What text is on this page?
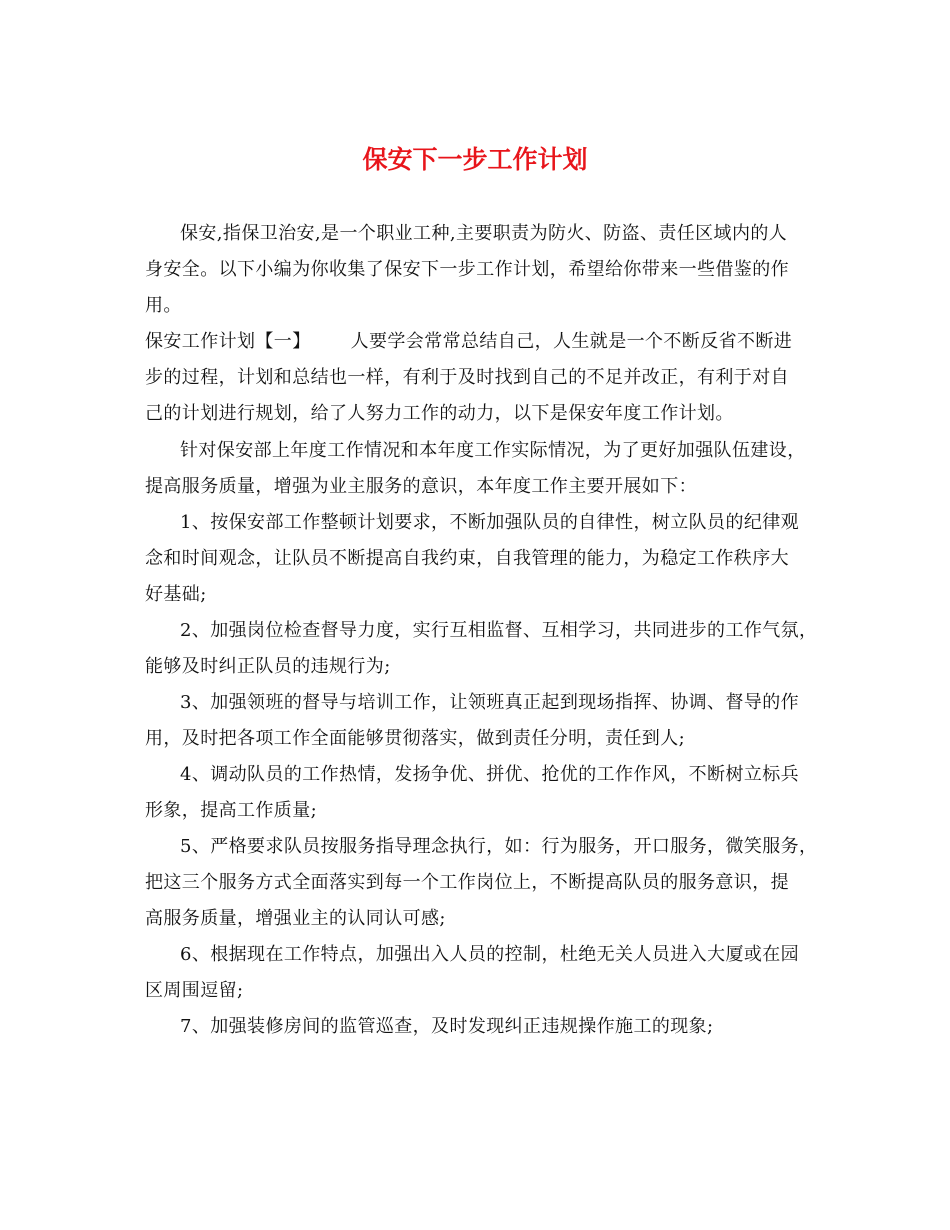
保安下一步工作计划
保安,指保卫治安,是一个职业工种,主要职责为防火、防盗、责任区域内的人
身安全。以下小编为你收集了保安下一步工作计划，希望给你带来一些借鉴的作
用。
保安工作计划【一】 人要学会常常总结自己，人生就是一个不断反省不断进
步的过程，计划和总结也一样，有利于及时找到自己的不足并改正，有利于对自
己的计划进行规划，给了人努力工作的动力，以下是保安年度工作计划。
针对保安部上年度工作情况和本年度工作实际情况，为了更好加强队伍建设，
提高服务质量，增强为业主服务的意识，本年度工作主要开展如下：
1、按保安部工作整顿计划要求，不断加强队员的自律性，树立队员的纪律观
念和时间观念，让队员不断提高自我约束，自我管理的能力，为稳定工作秩序大
好基础;
2、加强岗位检查督导力度，实行互相监督、互相学习，共同进步的工作气氛，
能够及时纠正队员的违规行为;
3、加强领班的督导与培训工作，让领班真正起到现场指挥、协调、督导的作
用，及时把各项工作全面能够贯彻落实，做到责任分明，责任到人;
4、调动队员的工作热情，发扬争优、拼优、抢优的工作作风，不断树立标兵
形象，提高工作质量;
5、严格要求队员按服务指导理念执行，如：行为服务，开口服务，微笑服务，
把这三个服务方式全面落实到每一个工作岗位上，不断提高队员的服务意识，提
高服务质量，增强业主的认同认可感;
6、根据现在工作特点，加强出入人员的控制，杜绝无关人员进入大厦或在园
区周围逗留;
7、加强装修房间的监管巡查，及时发现纠正违规操作施工的现象;
